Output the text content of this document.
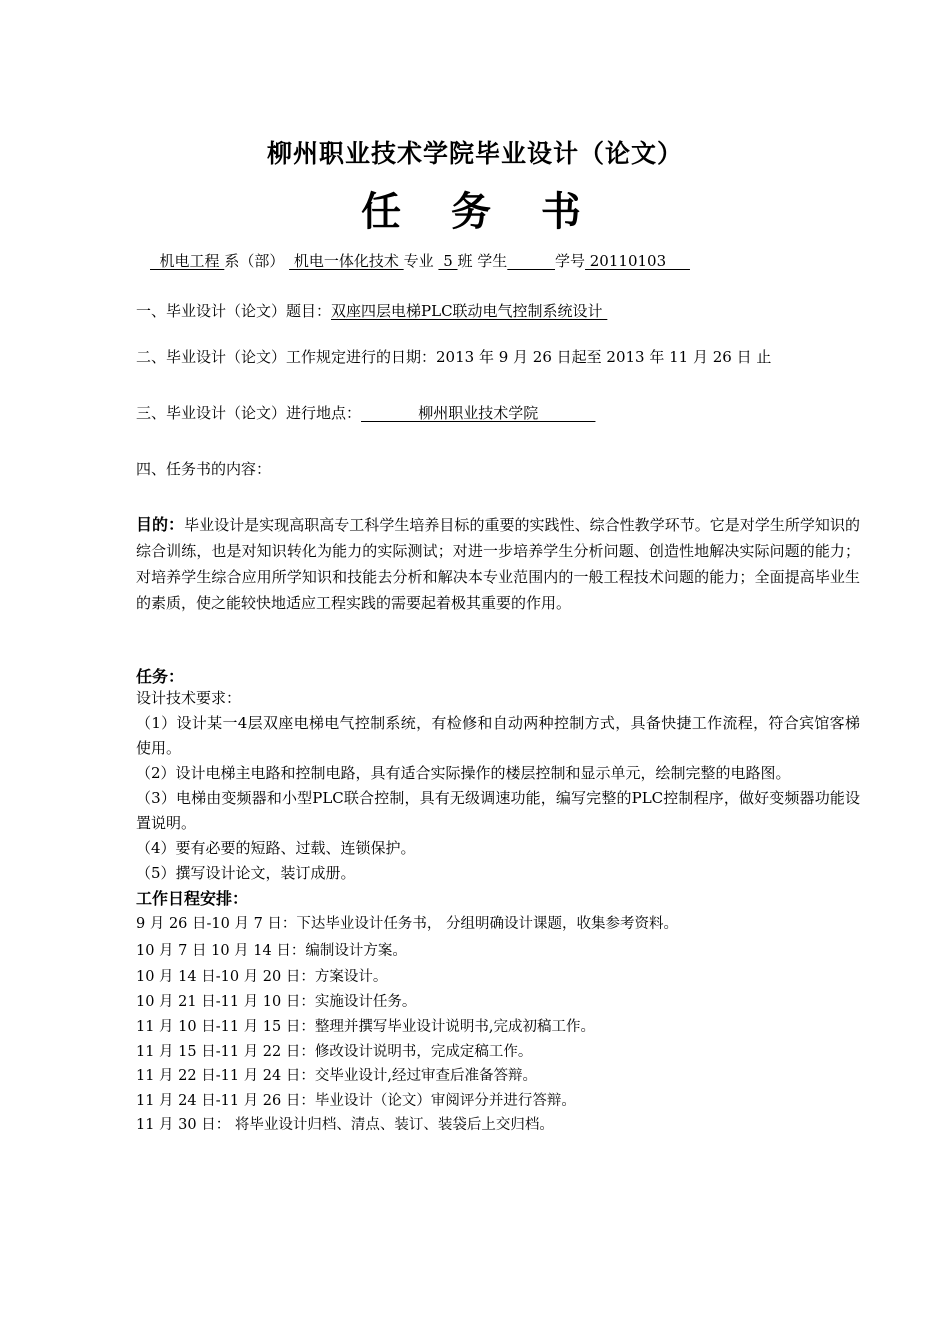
柳州职业技术学院毕业设计（论文）
任 务 书
机电工程 系（部）  机电一体化技术 专业  5 班 学生	学号 20110103
一、毕业设计（论文）题目：双座四层电梯PLC联动电气控制系统设计
二、毕业设计（论文）工作规定进行的日期：2013 年 9 月 26 日起至 2013 年 11 月 26 日 止
三、毕业设计（论文）进行地点：            柳州职业技术学院
四、任务书的内容：
目的：毕业设计是实现高职高专工科学生培养目标的重要的实践性、综合性教学环节。它是对学生所学知识的综合训练，也是对知识转化为能力的实际测试；对进一步培养学生分析问题、创造性地解决实际问题的能力；对培养学生综合应用所学知识和技能去分析和解决本专业范围内的一般工程技术问题的能力；全面提高毕业生的素质，使之能较快地适应工程实践的需要起着极其重要的作用。
任务：
设计技术要求：
（1）设计某一4层双座电梯电气控制系统，有检修和自动两种控制方式，具备快捷工作流程，符合宾馆客梯使用。
（2）设计电梯主电路和控制电路，具有适合实际操作的楼层控制和显示单元，绘制完整的电路图。
（3）电梯由变频器和小型PLC联合控制，具有无级调速功能，编写完整的PLC控制程序，做好变频器功能设置说明。
（4）要有必要的短路、过载、连锁保护。
（5）撰写设计论文，装订成册。
工作日程安排：
9 月 26 日-10 月 7 日：下达毕业设计任务书， 分组明确设计课题，收集参考资料。
10 月 7 日 10 月 14 日：编制设计方案。
10 月 14 日-10 月 20 日：方案设计。
10 月 21 日-11 月 10 日：实施设计任务。
11 月 10 日-11 月 15 日：整理并撰写毕业设计说明书,完成初稿工作。
11 月 15 日-11 月 22 日：修改设计说明书，完成定稿工作。
11 月 22 日-11 月 24 日：交毕业设计,经过审查后准备答辩。
11 月 24 日-11 月 26 日：毕业设计（论文）审阅评分并进行答辩。
11 月 30 日： 将毕业设计归档、清点、装订、装袋后上交归档。
